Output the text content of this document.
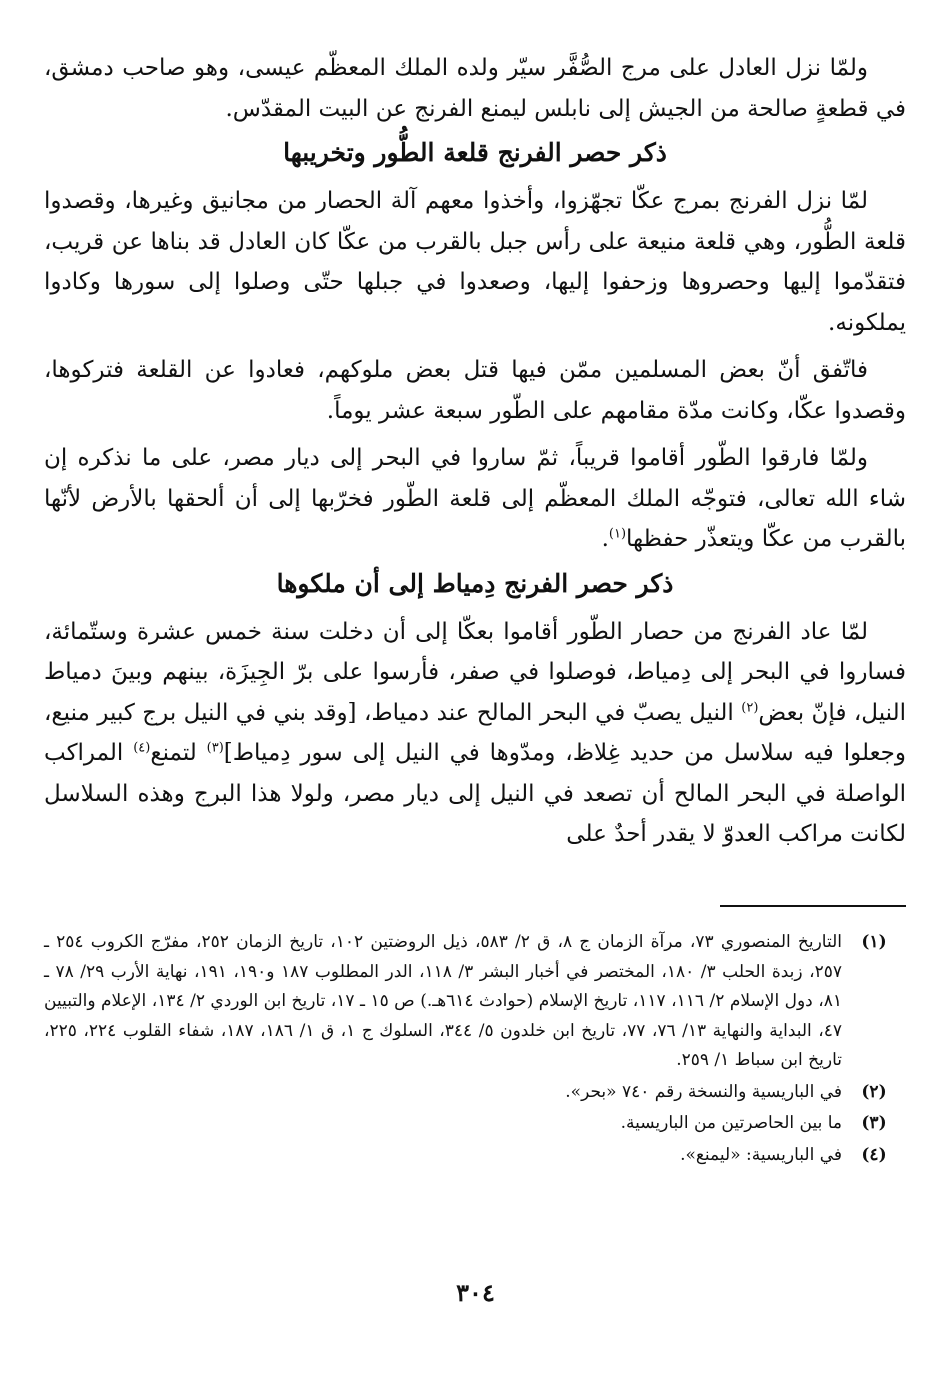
ولمّا نزل العادل على مرج الصُّفَّر سيّر ولده الملك المعظّم عيسى، وهو صاحب دمشق، في قطعةٍ صالحة من الجيش إلى نابلس ليمنع الفرنج عن البيت المقدّس.

ذكر حصر الفرنج قلعة الطُّور وتخريبها

لمّا نزل الفرنج بمرج عكّا تجهّزوا، وأخذوا معهم آلة الحصار من مجانيق وغيرها، وقصدوا قلعة الطُّور، وهي قلعة منيعة على رأس جبل بالقرب من عكّا كان العادل قد بناها عن قريب، فتقدّموا إليها وحصروها وزحفوا إليها، وصعدوا في جبلها حتّى وصلوا إلى سورها وكادوا يملكونه.

فاتّفق أنّ بعض المسلمين ممّن فيها قتل بعض ملوكهم، فعادوا عن القلعة فتركوها، وقصدوا عكّا، وكانت مدّة مقامهم على الطّور سبعة عشر يوماً.

ولمّا فارقوا الطّور أقاموا قريباً، ثمّ ساروا في البحر إلى ديار مصر، على ما نذكره إن شاء الله تعالى، فتوجّه الملك المعظّم إلى قلعة الطّور فخرّبها إلى أن ألحقها بالأرض لأنّها بالقرب من عكّا ويتعذّر حفظها$^{(١)}$.

ذكر حصر الفرنج دِمياط إلى أن ملكوها

لمّا عاد الفرنج من حصار الطّور أقاموا بعكّا إلى أن دخلت سنة خمس عشرة وستّمائة، فساروا في البحر إلى دِمياط، فوصلوا في صفر، فأرسوا على برّ الجِيزَة، بينهم وبينَ دمياط النيل، فإنّ بعض$^{(٢)}$ النيل يصبّ في البحر المالح عند دمياط، [وقد بني في النيل برج كبير منيع، وجعلوا فيه سلاسل من حديد غِلاظ، ومدّوها في النيل إلى سور دِمياط]$^{(٣)}$ لتمنع$^{(٤)}$ المراكب الواصلة في البحر المالح أن تصعد في النيل إلى ديار مصر، ولولا هذا البرج وهذه السلاسل لكانت مراكب العدوّ لا يقدر أحدٌ على

(١)
التاريخ المنصوري ٧٣، مرآة الزمان ج ٨، ق ٢/ ٥٨٣، ذيل الروضتين ١٠٢، تاريخ الزمان ٢٥٢، مفرّج الكروب ٢٥٤ ـ ٢٥٧، زبدة الحلب ٣/ ١٨٠، المختصر في أخبار البشر ٣/ ١١٨، الدر المطلوب ١٨٧ و١٩٠، ١٩١، نهاية الأرب ٢٩/ ٧٨ ـ ٨١، دول الإسلام ٢/ ١١٦، ١١٧، تاريخ الإسلام (حوادث ٦١٤هـ.) ص ١٥ ـ ١٧، تاريخ ابن الوردي ٢/ ١٣٤، الإعلام والتبيين ٤٧، البداية والنهاية ١٣/ ٧٦، ٧٧، تاريخ ابن خلدون ٥/ ٣٤٤، السلوك ج ١، ق ١/ ١٨٦، ١٨٧، شفاء القلوب ٢٢٤، ٢٢٥، تاريخ ابن سباط ١/ ٢٥٩.
(٢)
في الباريسية والنسخة رقم ٧٤٠ «بحر».
(٣)
ما بين الحاصرتين من الباريسية.
(٤)
في الباريسية: «ليمنع».
٣٠٤
